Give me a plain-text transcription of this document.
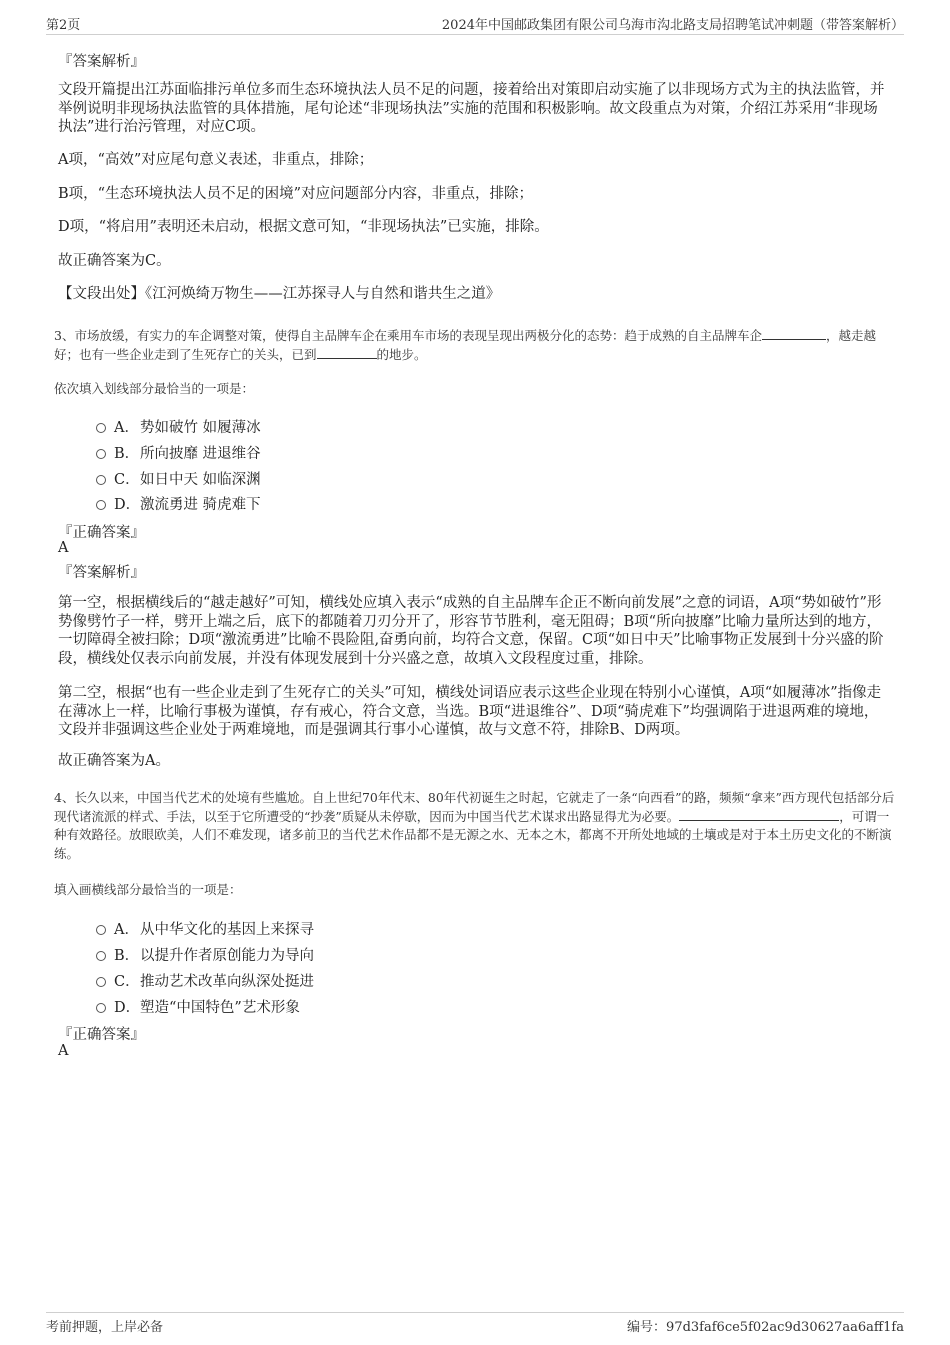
第2页	2024年中国邮政集团有限公司乌海市沟北路支局招聘笔试冲刺题（带答案解析）
『答案解析』
文段开篇提出江苏面临排污单位多而生态环境执法人员不足的问题，接着给出对策即启动实施了以非现场方式为主的执法监管，并举例说明非现场执法监管的具体措施，尾句论述“非现场执法”实施的范围和积极影响。故文段重点为对策，介绍江苏采用“非现场执法”进行治污管理，对应C项。
A项，“高效”对应尾句意义表述，非重点，排除；
B项，“生态环境执法人员不足的困境”对应问题部分内容，非重点，排除；
D项，“将启用”表明还未启动，根据文意可知，“非现场执法”已实施，排除。
故正确答案为C。
【文段出处】《江河焕绮万物生——江苏探寻人与自然和谐共生之道》
3、市场放缓，有实力的车企调整对策，使得自主品牌车企在乘用车市场的表现呈现出两极分化的态势：趋于成熟的自主品牌车企	，越走越好；也有一些企业走到了生死存亡的关头，已到	的地步。
依次填入划线部分最恰当的一项是：
A．势如破竹 如履薄冰
B．所向披靡 进退维谷
C．如日中天 如临深渊
D．激流勇进 骑虎难下
『正确答案』
A
『答案解析』
第一空，根据横线后的“越走越好”可知，横线处应填入表示“成熟的自主品牌车企正不断向前发展”之意的词语，A项“势如破竹”形势像劈竹子一样，劈开上端之后，底下的都随着刀刃分开了，形容节节胜利，毫无阻碍；B项“所向披靡”比喻力量所达到的地方，一切障碍全被扫除；D项“激流勇进”比喻不畏险阻,奋勇向前，均符合文意，保留。C项“如日中天”比喻事物正发展到十分兴盛的阶段，横线处仅表示向前发展，并没有体现发展到十分兴盛之意，故填入文段程度过重，排除。
第二空，根据“也有一些企业走到了生死存亡的关头”可知，横线处词语应表示这些企业现在特别小心谨慎，A项“如履薄冰”指像走在薄冰上一样，比喻行事极为谨慎，存有戒心，符合文意，当选。B项“进退维谷”、D项“骑虎难下”均强调陷于进退两难的境地，文段并非强调这些企业处于两难境地，而是强调其行事小心谨慎，故与文意不符，排除B、D两项。
故正确答案为A。
4、长久以来，中国当代艺术的处境有些尴尬。自上世纪70年代末、80年代初诞生之时起，它就走了一条“向西看”的路，频频“拿来”西方现代包括部分后现代诸流派的样式、手法，以至于它所遭受的“抄袭”质疑从未停歇，因而为中国当代艺术谋求出路显得尤为必要。	，可谓一种有效路径。放眼欧美，人们不难发现，诸多前卫的当代艺术作品都不是无源之水、无本之木，都离不开所处地域的土壤或是对于本土历史文化的不断演练。
填入画横线部分最恰当的一项是：
A．从中华文化的基因上来探寻
B．以提升作者原创能力为导向
C．推动艺术改革向纵深处挺进
D．塑造“中国特色”艺术形象
『正确答案』
A
考前押题，上岸必备	编号：97d3faf6ce5f02ac9d30627aa6aff1fa
